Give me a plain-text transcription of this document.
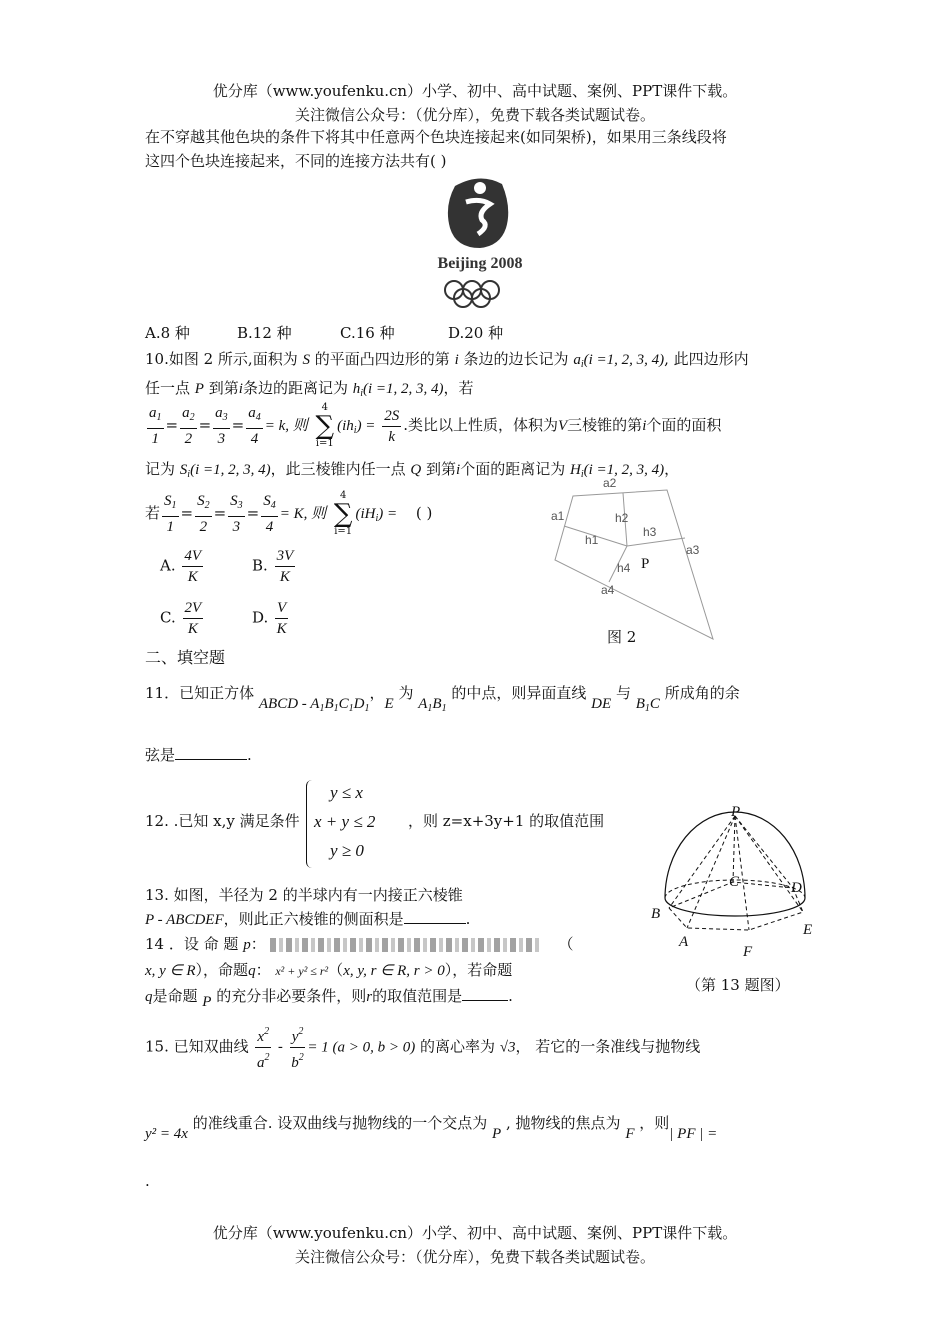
优分库（www.youfenku.cn）小学、初中、高中试题、案例、PPT课件下载。
关注微信公众号：（优分库），免费下载各类试题试卷。
在不穿越其他色块的条件下将其中任意两个色块连接起来(如同架桥)，如果用三条线段将
这四个色块连接起来，不同的连接方法共有( )
Beijing 2008
A.8 种	B.12 种	C.16 种	D.20 种
10.如图 2 所示,面积为 S 的平面凸四边形的第 i 条边的边长记为 $a_i(i =1$, 2, 3, 4), 此四边形内
任一点 P 到第i条边的距离记为 $h_i(i =1$, 2, 3, 4)，若
$\frac{a_1}{1} = \frac{a_2}{2} = \frac{a_3}{3} = \frac{a_4}{4} = k$, 则
4
∑
i=1
$(ih_i) = \frac{2S}{k}$ .类比以上性质，体积为V三棱锥的第i个面的面积
记为 $S_i(i =1$, 2, 3, 4)，此三棱锥内任一点 Q 到第i个面的距离记为 $H_i(i =1$, 2, 3, 4)，
若 $\frac{S_1}{1} = \frac{S_2}{2} = \frac{S_3}{3} = \frac{S_4}{4} = K$, 则
4
∑
i=1
$(iH_i)$ = ( )
A. $\frac{4V}{K}$	B. $\frac{3V}{K}$
C. $\frac{2V}{K}$	D. $\frac{V}{K}$
a2
a1	h2
h3
h1
a3
P
h4
a4
图 2
二、填空题
11．已知正方体 ABCD - $A_1B_1C_1D_1$，E 为 $A_1B_1$ 的中点，则异面直线 DE 与 $B_1C$ 所成角的余
弦是	.
12. .已知 x,y 满足条件
y ≤ x
x + y ≤ 2
y ≥ 0
，则 z=x+3y+1 的取值范围
13. 如图，半径为 2 的半球内有一内接正六棱锥
P - ABCDEF，则此正六棱锥的侧面积是	.
P
C	D
B
E
A
F
（第 13 题图）
14 ．设 命 题 p：	（
x, y ∈ R），命题q： x² + y² ≤ r²（x, y, r ∈ R, r > 0），若命题
q是命题 P 的充分非必要条件，则r的取值范围是	.
15. 已知双曲线 $\frac{x^2}{a^2} - \frac{y^2}{b^2} = 1$ (a > 0, b > 0) 的离心率为 √3， 若它的一条准线与抛物线
y² = 4x 的准线重合. 设双曲线与抛物线的一个交点为 P , 抛物线的焦点为 F ，则| PF | =
.
优分库（www.youfenku.cn）小学、初中、高中试题、案例、PPT课件下载。
关注微信公众号：（优分库），免费下载各类试题试卷。
